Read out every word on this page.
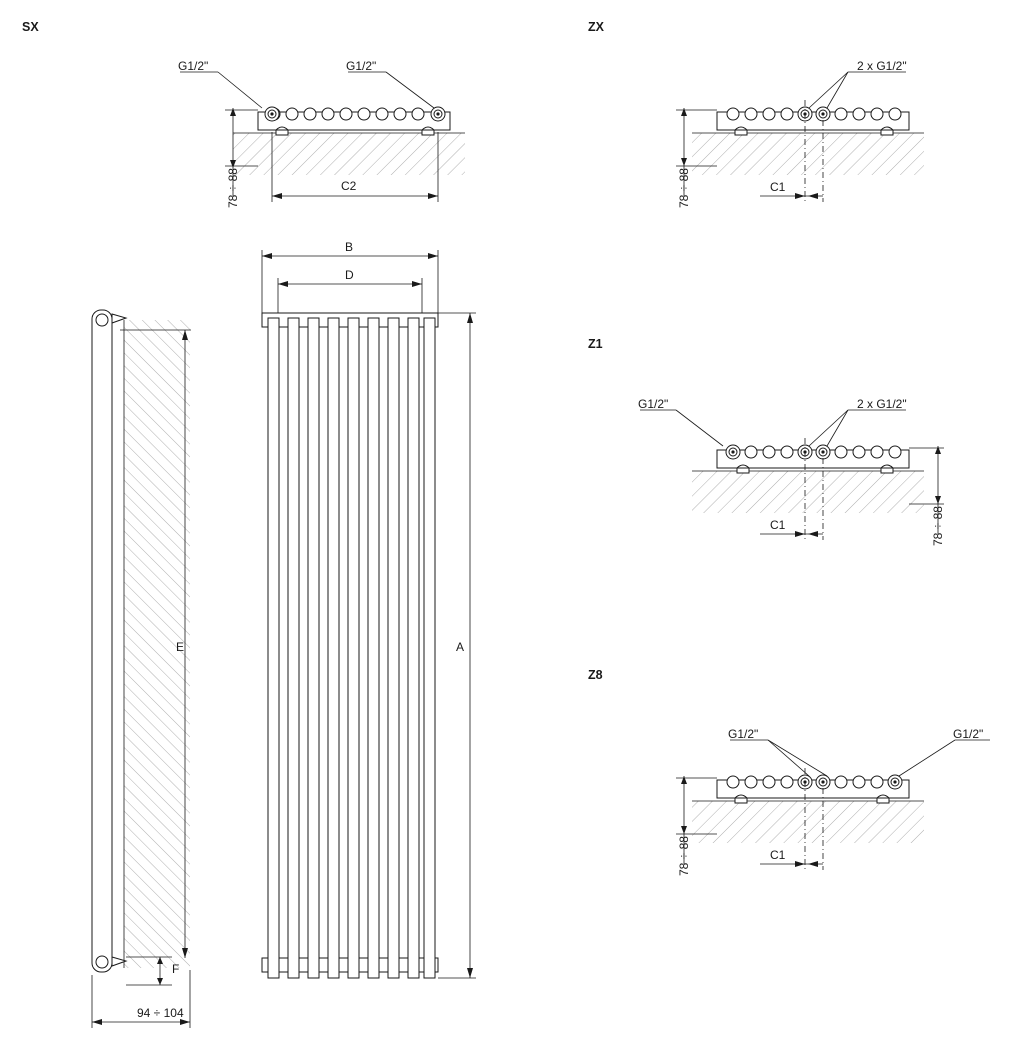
SX	ZX
Z1
Z8
G1/2"	G1/2"
78 ÷ 88	C2
2 x G1/2"
78 ÷ 88	C1
G1/2"	2 x G1/2"
78 ÷ 88
C1
G1/2"	G1/2"
78 ÷ 88	C1
B
D
A
E
F
94 ÷ 104
